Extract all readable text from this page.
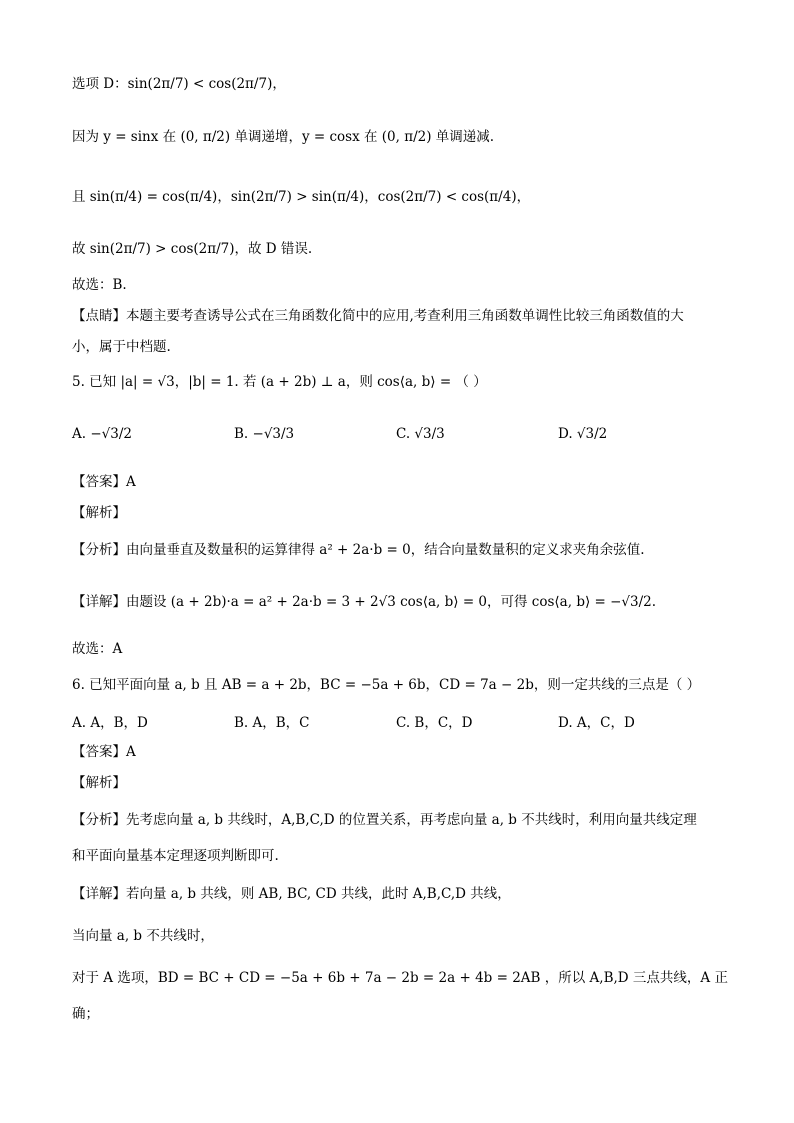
选项 D：sin(2π/7) < cos(2π/7)，
因为 y = sinx 在 (0, π/2) 单调递增，y = cosx 在 (0, π/2) 单调递减.
且 sin(π/4) = cos(π/4)，sin(2π/7) > sin(π/4)，cos(2π/7) < cos(π/4)，
故 sin(2π/7) > cos(2π/7)，故 D 错误.
故选：B.
【点睛】本题主要考查诱导公式在三角函数化简中的应用,考查利用三角函数单调性比较三角函数值的大
小，属于中档题.
5. 已知 |a| = √3，|b| = 1. 若 (a + 2b) ⊥ a，则 cos⟨a, b⟩ = （ ）
A. −√3/2	B. −√3/3	C. √3/3	D. √3/2
【答案】A
【解析】
【分析】由向量垂直及数量积的运算律得 a² + 2a·b = 0，结合向量数量积的定义求夹角余弦值.
【详解】由题设 (a + 2b)·a = a² + 2a·b = 3 + 2√3 cos⟨a, b⟩ = 0，可得 cos⟨a, b⟩ = −√3/2.
故选：A
6. 已知平面向量 a, b 且 AB = a + 2b，BC = −5a + 6b，CD = 7a − 2b，则一定共线的三点是（ ）
A. A，B，D	B. A，B，C	C. B，C，D	D. A，C，D
【答案】A
【解析】
【分析】先考虑向量 a, b 共线时，A,B,C,D 的位置关系，再考虑向量 a, b 不共线时，利用向量共线定理
和平面向量基本定理逐项判断即可.
【详解】若向量 a, b 共线，则 AB, BC, CD 共线，此时 A,B,C,D 共线，
当向量 a, b 不共线时，
对于 A 选项，BD = BC + CD = −5a + 6b + 7a − 2b = 2a + 4b = 2AB ，所以 A,B,D 三点共线，A 正
确；
